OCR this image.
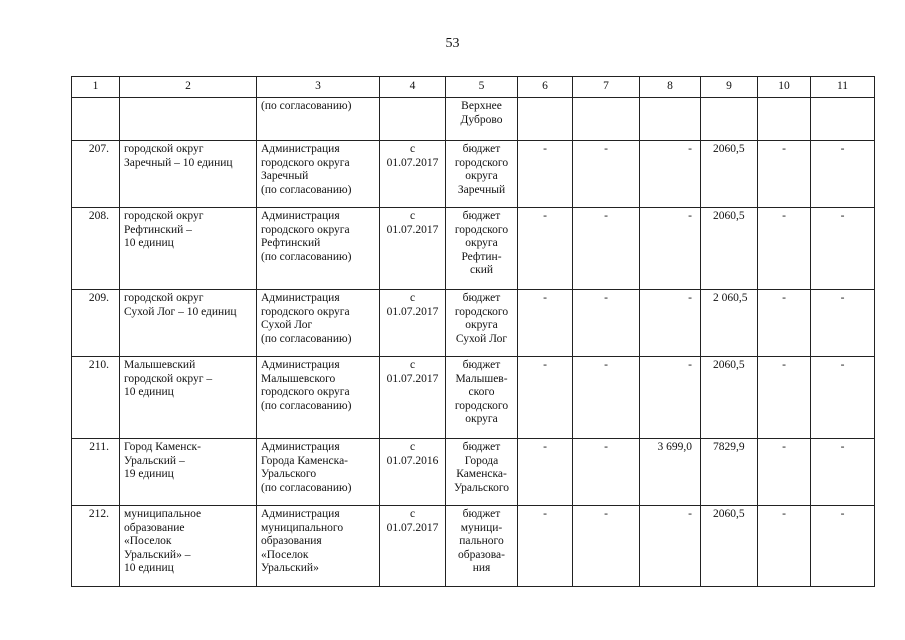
53
1	2	3	4	5	6	7	8	9	10	11
		(по согласованию)		Верхнее
Дуброво						
207.	городской округ
Заречный – 10 единиц	Администрация
городского округа
Заречный
(по согласованию)	с
01.07.2017	бюджет
городского
округа
Заречный	-	-	-	2060,5	-	-
208.	городской округ
Рефтинский –
10 единиц	Администрация
городского округа
Рефтинский
(по согласованию)	с
01.07.2017	бюджет
городского
округа
Рефтин-
ский	-	-	-	2060,5	-	-
209.	городской округ
Сухой Лог – 10 единиц	Администрация
городского округа
Сухой Лог
(по согласованию)	с
01.07.2017	бюджет
городского
округа
Сухой Лог	-	-	-	2 060,5	-	-
210.	Малышевский
городской округ –
10 единиц	Администрация
Малышевского
городского округа
(по согласованию)	с
01.07.2017	бюджет
Малышев-
ского
городского
округа	-	-	-	2060,5	-	-
211.	Город Каменск-
Уральский –
19 единиц	Администрация
Города Каменска-
Уральского
(по согласованию)	с
01.07.2016	бюджет
Города
Каменска-
Уральского	-	-	3 699,0	7829,9	-	-
212.	муниципальное
образование
«Поселок
Уральский» –
10 единиц	Администрация
муниципального
образования
«Поселок
Уральский»	с
01.07.2017	бюджет
муници-
пального
образова-
ния	-	-	-	2060,5	-	-
